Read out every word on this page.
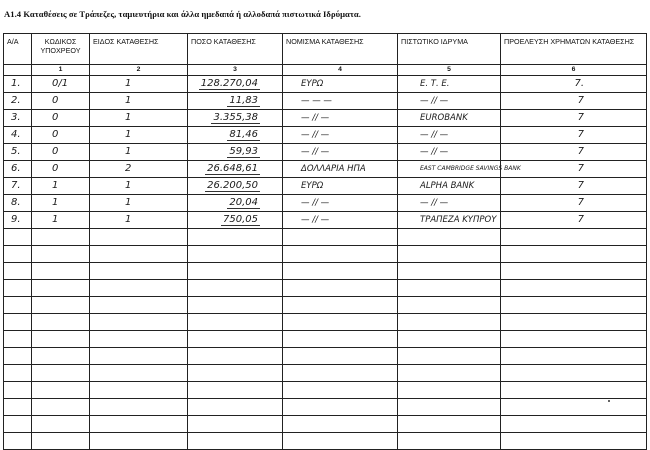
A1.4 Καταθέσεις σε Τράπεζες, ταμιευτήρια και άλλα ημεδαπά ή αλλοδαπά πιστωτικά Ιδρύματα.
Α/Α	ΚΩΔΙΚΟΣ ΥΠΟΧΡΕΟΥ	ΕΙΔΟΣ ΚΑΤΑΘΕΣΗΣ	ΠΟΣΟ ΚΑΤΑΘΕΣΗΣ	ΝΟΜΙΣΜΑ ΚΑΤΑΘΕΣΗΣ	ΠΙΣΤΩΤΙΚΟ ΙΔΡΥΜΑ	ΠΡΟΕΛΕΥΣΗ ΧΡΗΜΑΤΩΝ ΚΑΤΑΘΕΣΗΣ
	1	2	3	4	5	6
1.	0/1	1	128.270,04	ΕΥΡΩ	Ε. Τ. Ε.	7.
2.	0	1	11,83	— — —	— // —	7
3.	0	1	3.355,38	— // —	EUROBANK	7
4.	0	1	81,46	— // —	— // —	7
5.	0	1	59,93	— // —	— // —	7
6.	0	2	26.648,61	ΔΟΛΛΑΡΙΑ ΗΠΑ	EAST CAMBRIDGE SAVINGS BANK	7
7.	1	1	26.200,50	ΕΥΡΩ	ALPHA BANK	7
8.	1	1	20,04	— // —	— // —	7
9.	1	1	750,05	— // —	ΤΡΑΠΕΖΑ ΚΥΠΡΟΥ	7
